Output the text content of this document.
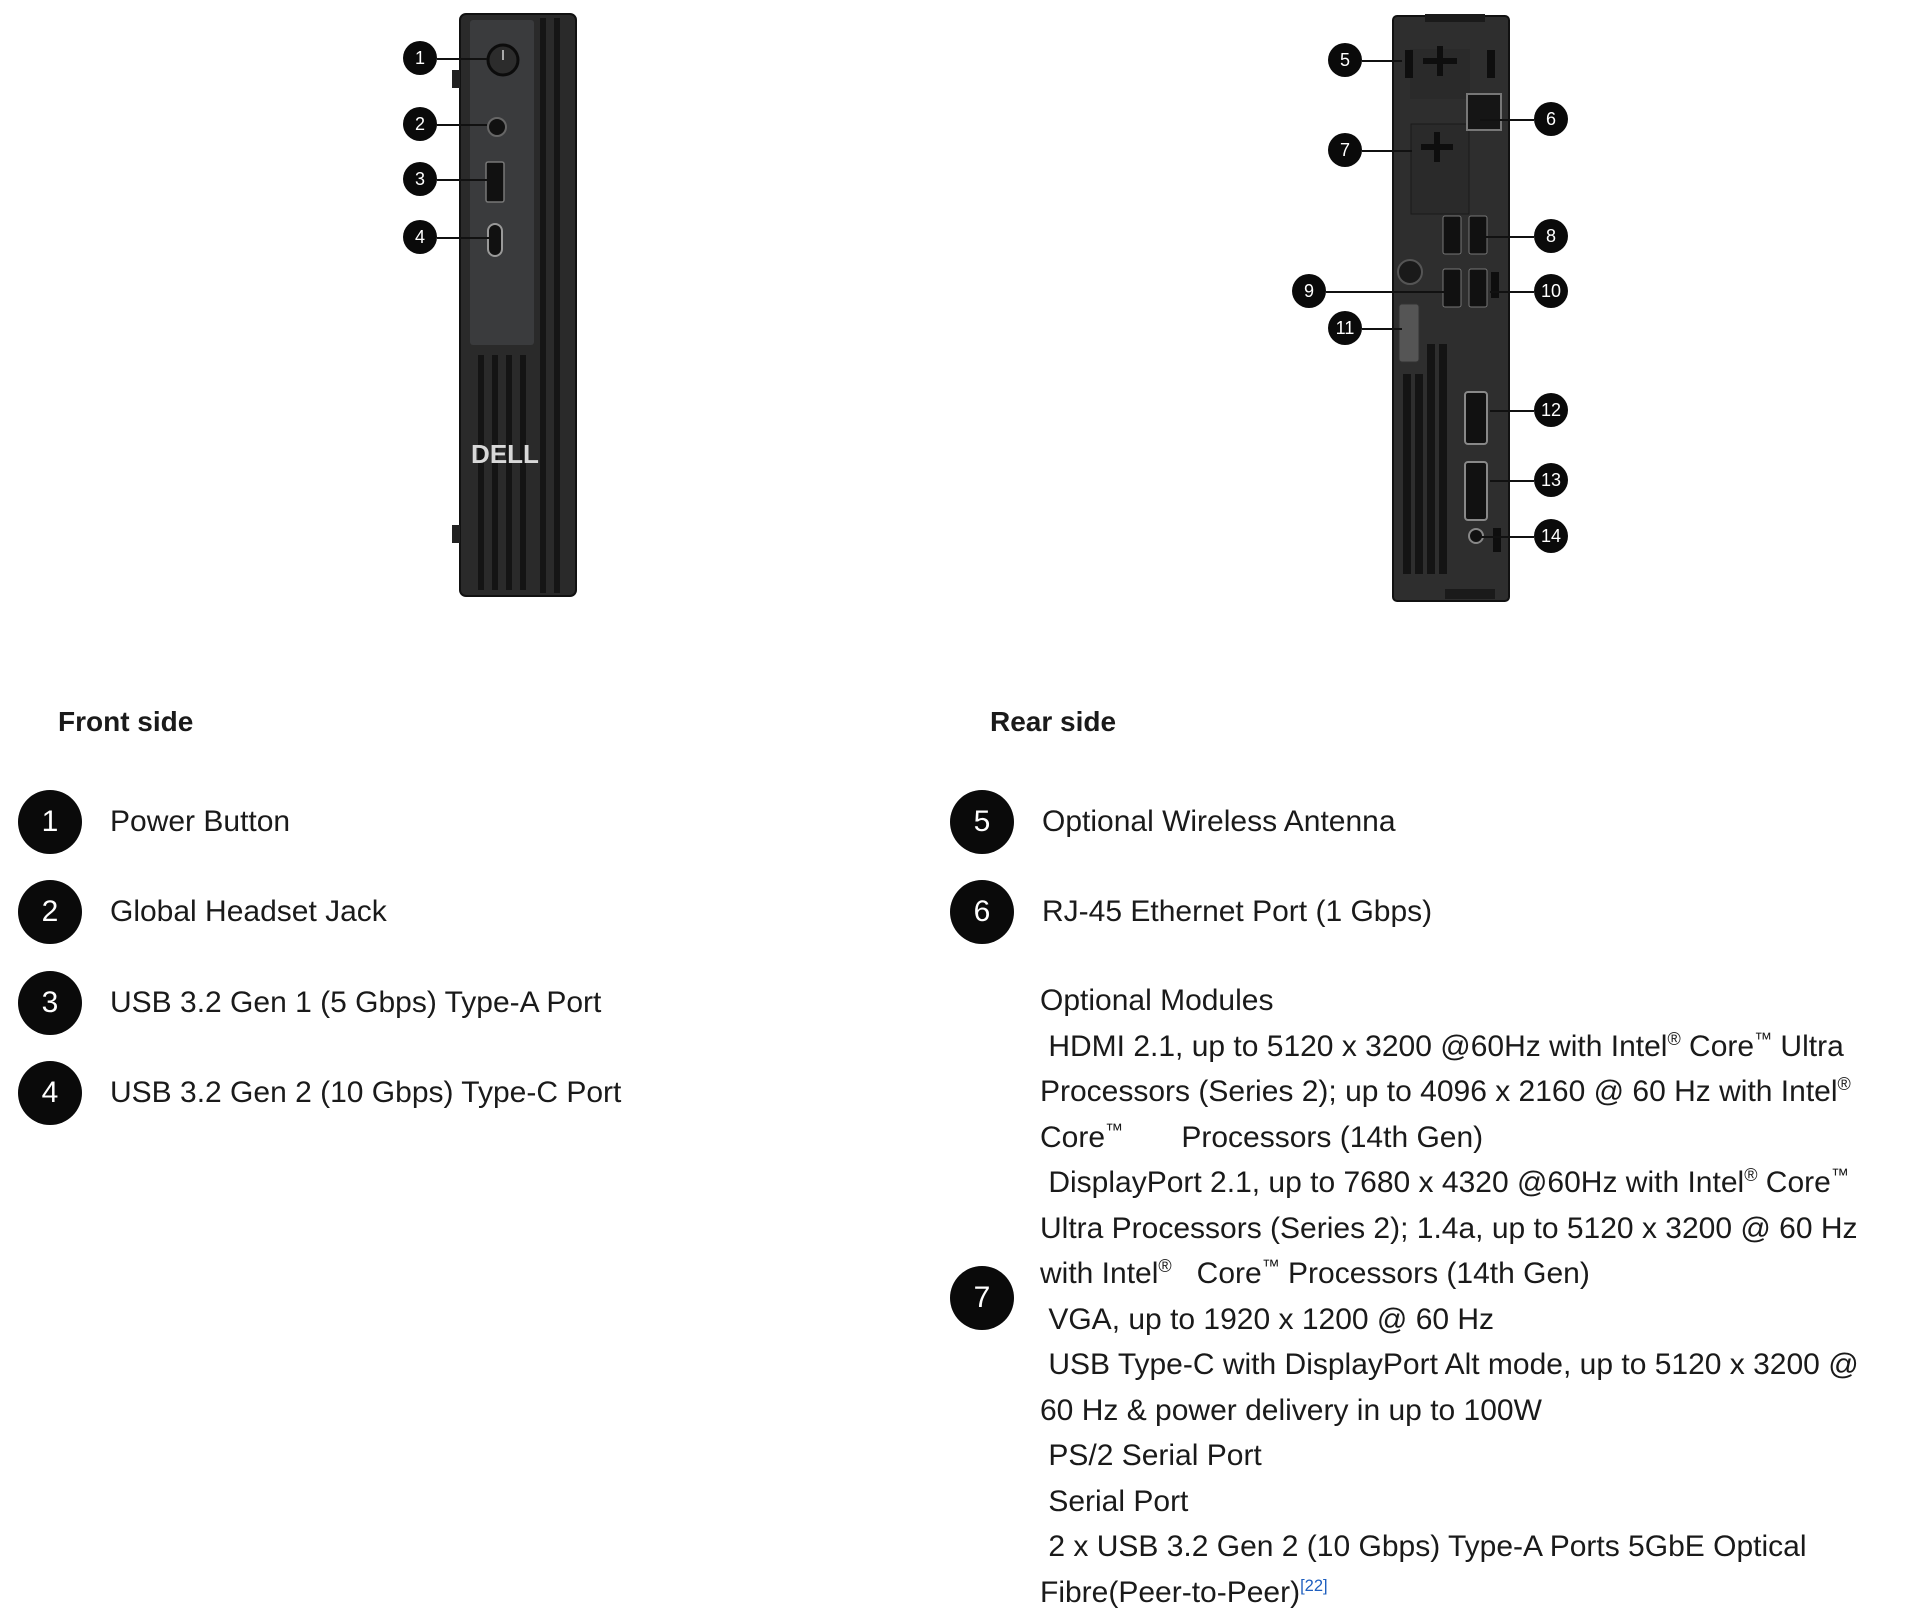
DELL
1
2
3
4
5
6
7
8
9	10
11
12
13
14
Front side	Rear side
1	Power Button
2	Global Headset Jack
3	USB 3.2 Gen 1 (5 Gbps) Type-A Port
4	USB 3.2 Gen 2 (10 Gbps) Type-C Port
5	Optional Wireless Antenna
6	RJ-45 Ethernet Port (1 Gbps)
7
Optional Modules
HDMI 2.1, up to 5120 x 3200 @60Hz with Intel® Core™ Ultra
Processors (Series 2); up to 4096 x 2160 @ 60 Hz with Intel®
Core™       Processors (14th Gen)
DisplayPort 2.1, up to 7680 x 4320 @60Hz with Intel® Core™
Ultra Processors (Series 2); 1.4a, up to 5120 x 3200 @ 60 Hz
with Intel®   Core™ Processors (14th Gen)
VGA, up to 1920 x 1200 @ 60 Hz
USB Type-C with DisplayPort Alt mode, up to 5120 x 3200 @
60 Hz & power delivery in up to 100W
PS/2 Serial Port
Serial Port
2 x USB 3.2 Gen 2 (10 Gbps) Type-A Ports 5GbE Optical
Fibre(Peer-to-Peer)[22]
